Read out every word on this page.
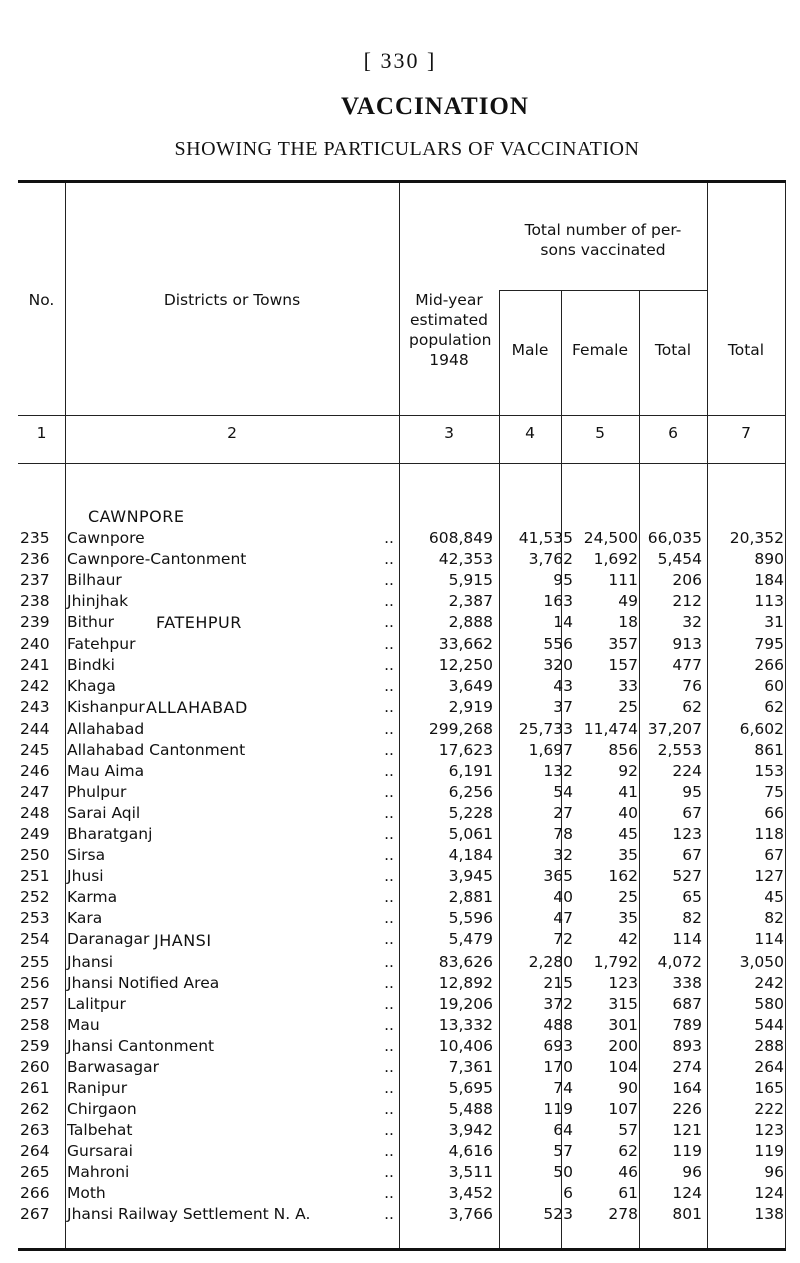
[ 330 ]
VACCINATION
SHOWING THE PARTICULARS OF VACCINATION
No.	Districts or Towns	Mid-year estimated population 1948
Total number of per- sons vaccinated
Male	Female	Total	Total
1	2	3	4	5	6	7
CAWNPORE
FATEHPUR
ALLAHABAD
JHANSI
235	Cawnpore	..	608,849	41,535 24,500 66,035	20,352
236	Cawnpore-Cantonment	..	42,353	3,762	1,692	5,454	890
237	Bilhaur	..	5,915	95	111	206	184
238	Jhinjhak	..	2,387	163	49	212	113
239	Bithur	..	2,888	14	18	32	31
240	Fatehpur	..	33,662	556	357	913	795
241	Bindki	..	12,250	320	157	477	266
242	Khaga	..	3,649	43	33	76	60
243	Kishanpur	..	2,919	37	25	62	62
244	Allahabad	..	299,268	25,733 11,474 37,207	6,602
245	Allahabad Cantonment	..	17,623	1,697	856	2,553	861
246	Mau Aima	..	6,191	132	92	224	153
247	Phulpur	..	6,256	54	41	95	75
248	Sarai Aqil	..	5,228	27	40	67	66
249	Bharatganj	..	5,061	78	45	123	118
250	Sirsa	..	4,184	32	35	67	67
251	Jhusi	..	3,945	365	162	527	127
252	Karma	..	2,881	40	25	65	45
253	Kara	..	5,596	47	35	82	82
254	Daranagar	..	5,479	72	42	114	114
255	Jhansi	..	83,626	2,280	1,792	4,072	3,050
256	Jhansi Notified Area	..	12,892	215	123	338	242
257	Lalitpur	..	19,206	372	315	687	580
258	Mau	..	13,332	488	301	789	544
259	Jhansi Cantonment	..	10,406	693	200	893	288
260	Barwasagar	..	7,361	170	104	274	264
261	Ranipur	..	5,695	74	90	164	165
262	Chirgaon	..	5,488	119	107	226	222
263	Talbehat	..	3,942	64	57	121	123
264	Gursarai	..	4,616	57	62	119	119
265	Mahroni	..	3,511	50	46	96	96
266	Moth	..	3,452	6	61	124	124
267	Jhansi Railway Settlement N. A.	..	3,766	523	278	801	138
